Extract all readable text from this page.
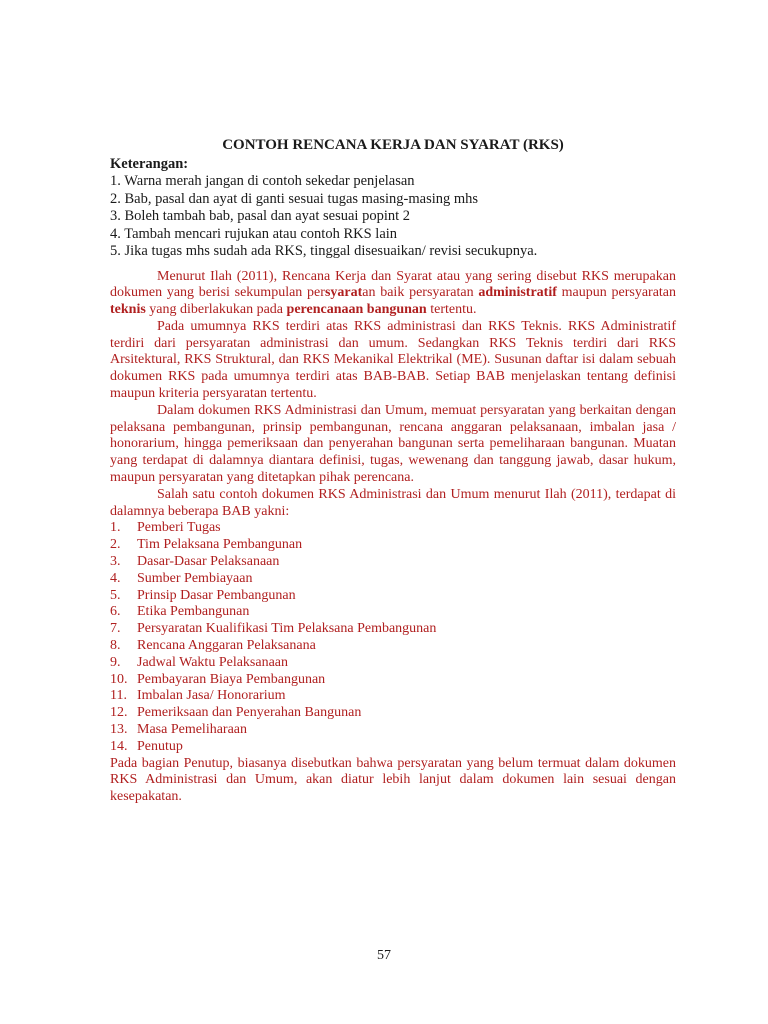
CONTOH RENCANA KERJA DAN SYARAT (RKS)

Keterangan:

1. Warna merah jangan di contoh sekedar penjelasan
2. Bab, pasal dan ayat di ganti sesuai tugas masing-masing mhs
3. Boleh tambah bab, pasal dan ayat sesuai popint 2
4. Tambah mencari rujukan atau contoh RKS lain
5. Jika tugas mhs sudah ada RKS, tinggal disesuaikan/ revisi secukupnya.

Menurut Ilah (2011), Rencana Kerja dan Syarat atau yang sering disebut RKS merupakan dokumen yang berisi sekumpulan persyaratan baik persyaratan administratif maupun persyaratan teknis yang diberlakukan pada perencanaan bangunan tertentu.

Pada umumnya RKS terdiri atas RKS administrasi dan RKS Teknis. RKS Administratif terdiri dari persyaratan administrasi dan umum. Sedangkan RKS Teknis terdiri dari RKS Arsitektural, RKS Struktural, dan RKS Mekanikal Elektrikal (ME). Susunan daftar isi dalam sebuah dokumen RKS pada umumnya terdiri atas BAB-BAB. Setiap BAB menjelaskan tentang definisi maupun kriteria persyaratan tertentu.

Dalam dokumen RKS Administrasi dan Umum, memuat persyaratan yang berkaitan dengan pelaksana pembangunan, prinsip pembangunan, rencana anggaran pelaksanaan, imbalan jasa / honorarium, hingga pemeriksaan dan penyerahan bangunan serta pemeliharaan bangunan. Muatan yang terdapat di dalamnya diantara definisi, tugas, wewenang dan tanggung jawab, dasar hukum, maupun persyaratan yang ditetapkan pihak perencana.

Salah satu contoh dokumen RKS Administrasi dan Umum menurut Ilah (2011), terdapat di dalamnya beberapa BAB yakni:

1.	Pemberi Tugas
2.	Tim Pelaksana Pembangunan
3.	Dasar-Dasar Pelaksanaan
4.	Sumber Pembiayaan
5.	Prinsip Dasar Pembangunan
6.	Etika Pembangunan
7.	Persyaratan Kualifikasi Tim Pelaksana Pembangunan
8.	Rencana Anggaran Pelaksanana
9.	Jadwal Waktu Pelaksanaan
10. Pembayaran Biaya Pembangunan
11. Imbalan Jasa/ Honorarium
12. Pemeriksaan dan Penyerahan Bangunan
13. Masa Pemeliharaan
14. Penutup

Pada bagian Penutup, biasanya disebutkan bahwa persyaratan yang belum termuat dalam dokumen RKS Administrasi dan Umum, akan diatur lebih lanjut dalam dokumen lain sesuai dengan kesepakatan.

57
